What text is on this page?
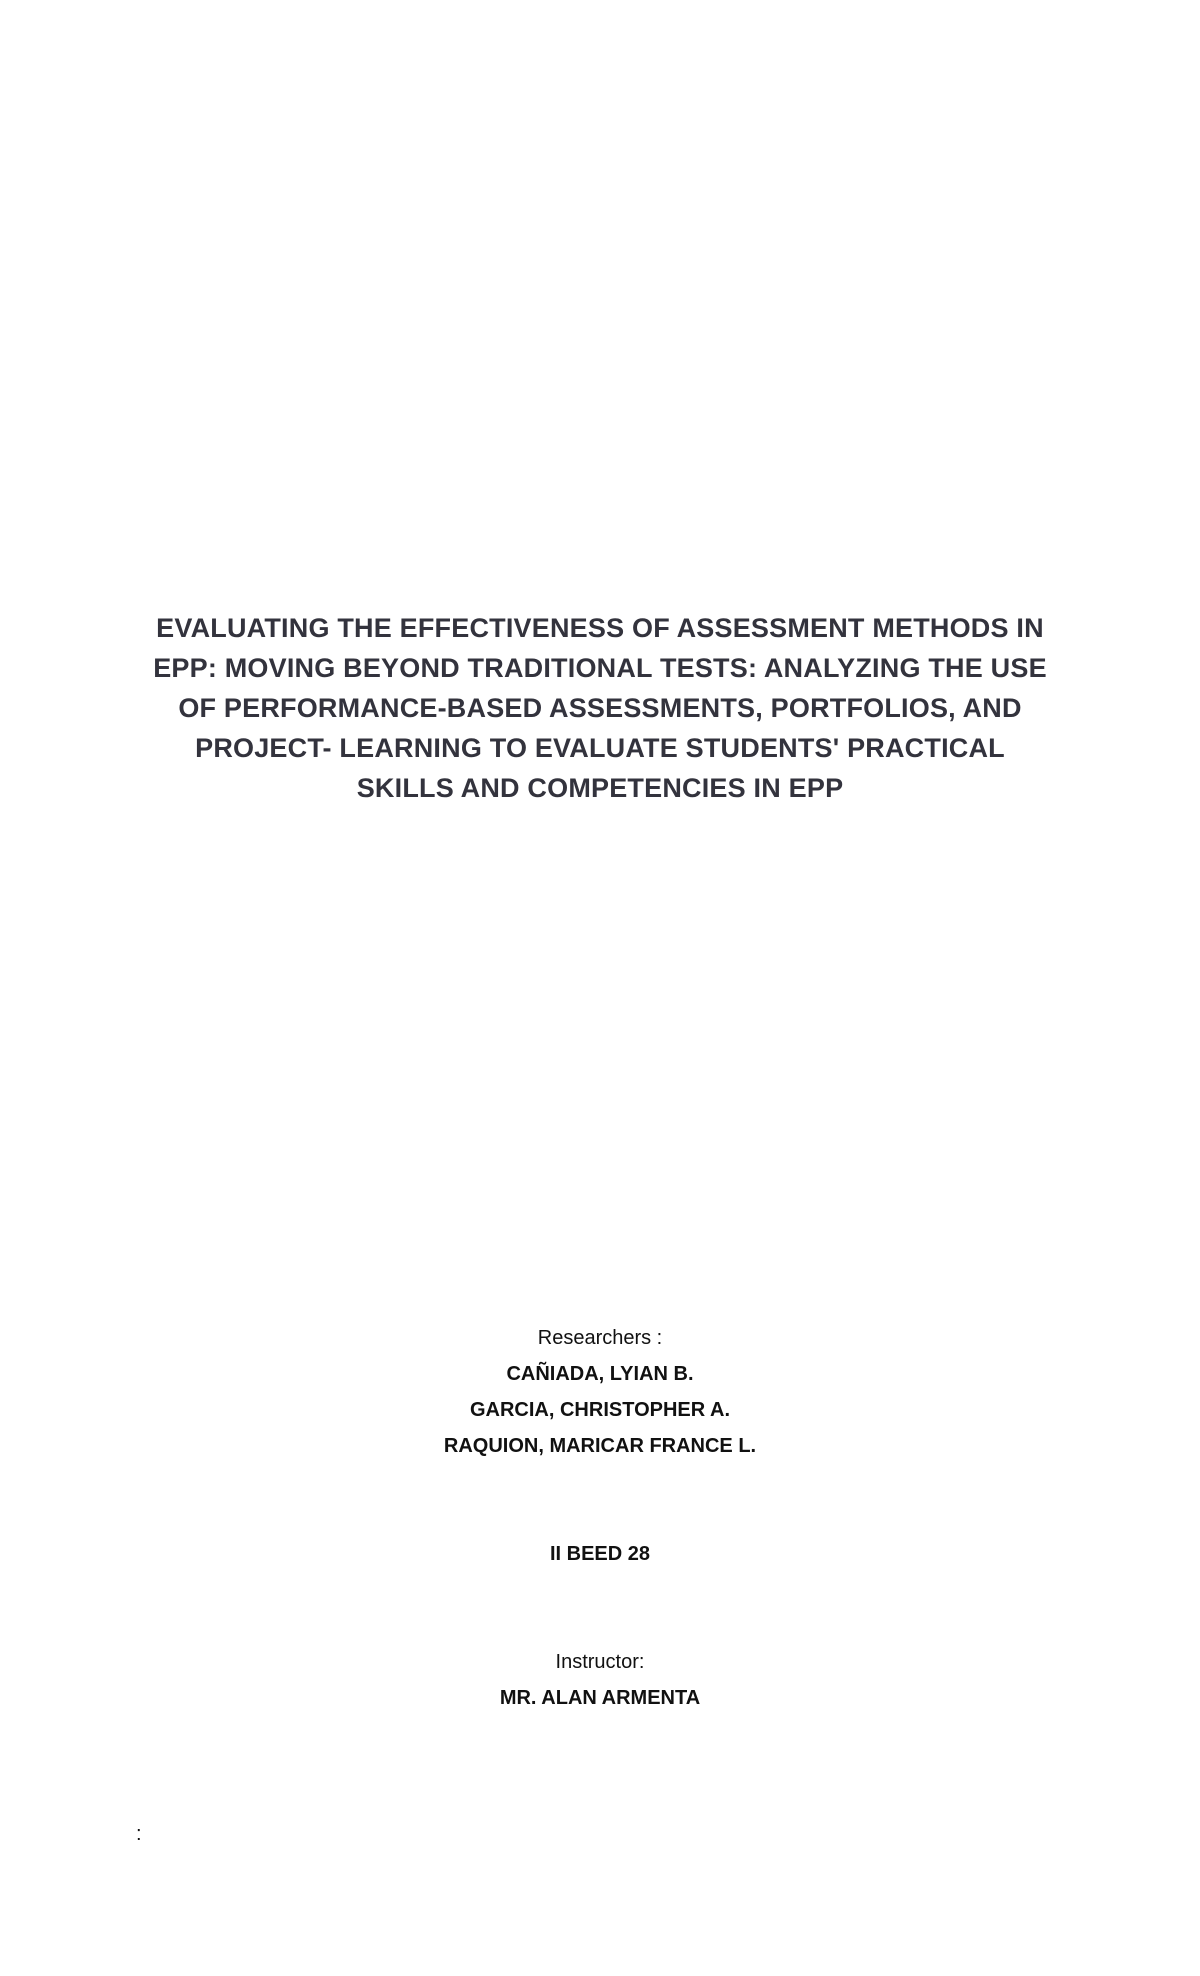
EVALUATING THE EFFECTIVENESS OF ASSESSMENT METHODS IN
EPP: MOVING BEYOND TRADITIONAL TESTS: ANALYZING THE USE
OF PERFORMANCE-BASED ASSESSMENTS, PORTFOLIOS, AND
PROJECT- LEARNING TO EVALUATE STUDENTS' PRACTICAL
SKILLS AND COMPETENCIES IN EPP
Researchers :
CAÑIADA, LYIAN B.
GARCIA, CHRISTOPHER A.
RAQUION, MARICAR FRANCE L.
II BEED 28
Instructor:
MR. ALAN ARMENTA
:
